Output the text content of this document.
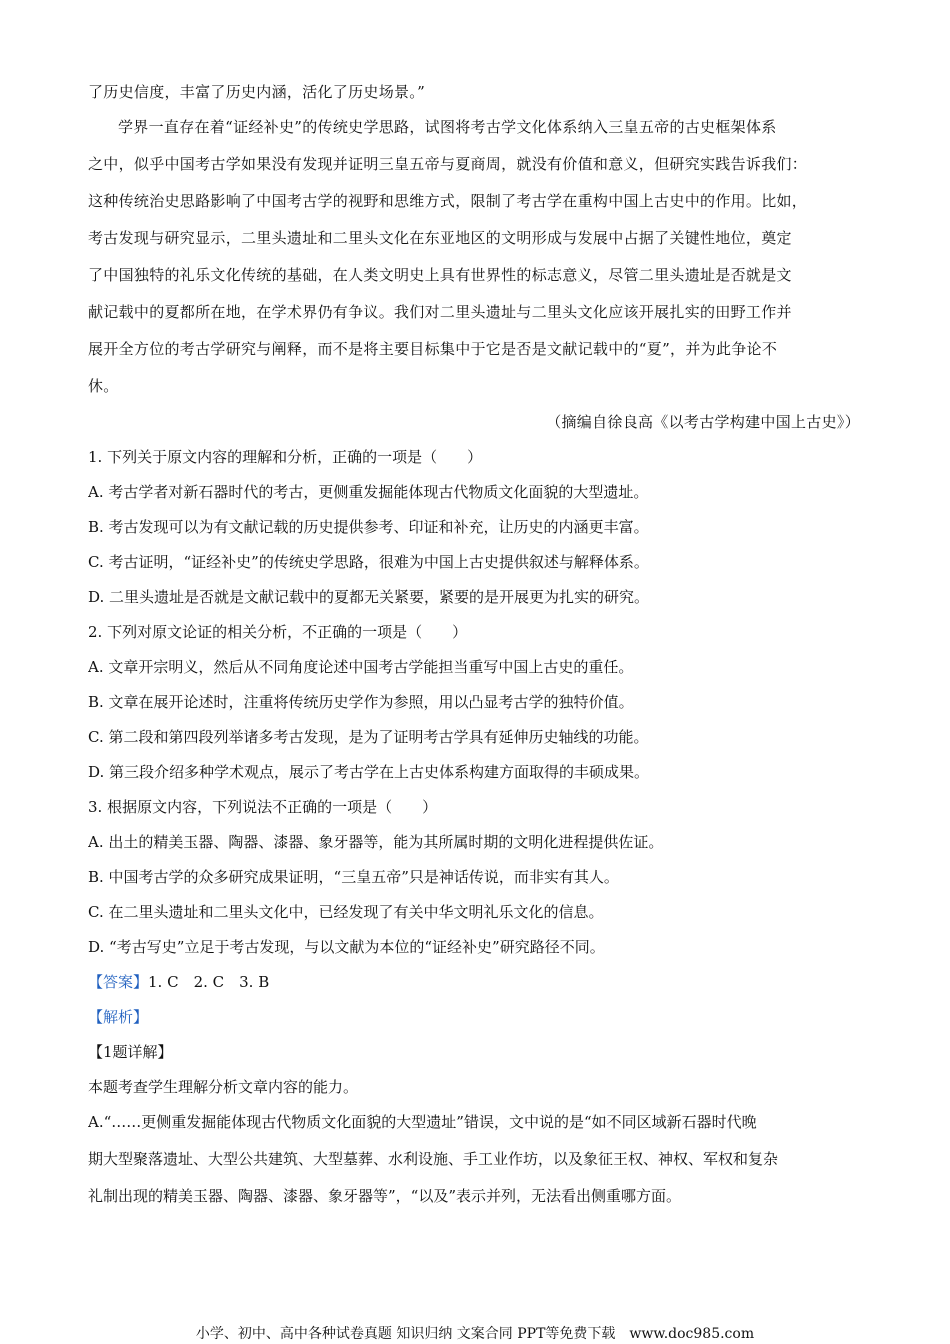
了历史信度，丰富了历史内涵，活化了历史场景。”
学界一直存在着“证经补史”的传统史学思路，试图将考古学文化体系纳入三皇五帝的古史框架体系
之中，似乎中国考古学如果没有发现并证明三皇五帝与夏商周，就没有价值和意义，但研究实践告诉我们：
这种传统治史思路影响了中国考古学的视野和思维方式，限制了考古学在重构中国上古史中的作用。比如，
考古发现与研究显示，二里头遗址和二里头文化在东亚地区的文明形成与发展中占据了关键性地位，奠定
了中国独特的礼乐文化传统的基础，在人类文明史上具有世界性的标志意义，尽管二里头遗址是否就是文
献记载中的夏都所在地，在学术界仍有争议。我们对二里头遗址与二里头文化应该开展扎实的田野工作并
展开全方位的考古学研究与阐释，而不是将主要目标集中于它是否是文献记载中的“夏”，并为此争论不
休。
（摘编自徐良高《以考古学构建中国上古史》）
1. 下列关于原文内容的理解和分析，正确的一项是（　　）
A. 考古学者对新石器时代的考古，更侧重发掘能体现古代物质文化面貌的大型遗址。
B. 考古发现可以为有文献记载的历史提供参考、印证和补充，让历史的内涵更丰富。
C. 考古证明，“证经补史”的传统史学思路，很难为中国上古史提供叙述与解释体系。
D. 二里头遗址是否就是文献记载中的夏都无关紧要，紧要的是开展更为扎实的研究。
2. 下列对原文论证的相关分析，不正确的一项是（　　）
A. 文章开宗明义，然后从不同角度论述中国考古学能担当重写中国上古史的重任。
B. 文章在展开论述时，注重将传统历史学作为参照，用以凸显考古学的独特价值。
C. 第二段和第四段列举诸多考古发现，是为了证明考古学具有延伸历史轴线的功能。
D. 第三段介绍多种学术观点，展示了考古学在上古史体系构建方面取得的丰硕成果。
3. 根据原文内容，下列说法不正确的一项是（　　）
A. 出土的精美玉器、陶器、漆器、象牙器等，能为其所属时期的文明化进程提供佐证。
B. 中国考古学的众多研究成果证明，“三皇五帝”只是神话传说，而非实有其人。
C. 在二里头遗址和二里头文化中，已经发现了有关中华文明礼乐文化的信息。
D. “考古写史”立足于考古发现，与以文献为本位的“证经补史”研究路径不同。
【答案】1. C　2. C　3. B
【解析】
【1题详解】
本题考查学生理解分析文章内容的能力。
A.“……更侧重发掘能体现古代物质文化面貌的大型遗址”错误，文中说的是“如不同区域新石器时代晚
期大型聚落遗址、大型公共建筑、大型墓葬、水利设施、手工业作坊，以及象征王权、神权、军权和复杂
礼制出现的精美玉器、陶器、漆器、象牙器等”，“以及”表示并列，无法看出侧重哪方面。
小学、初中、高中各种试卷真题 知识归纳 文案合同 PPT等免费下载　www.doc985.com
